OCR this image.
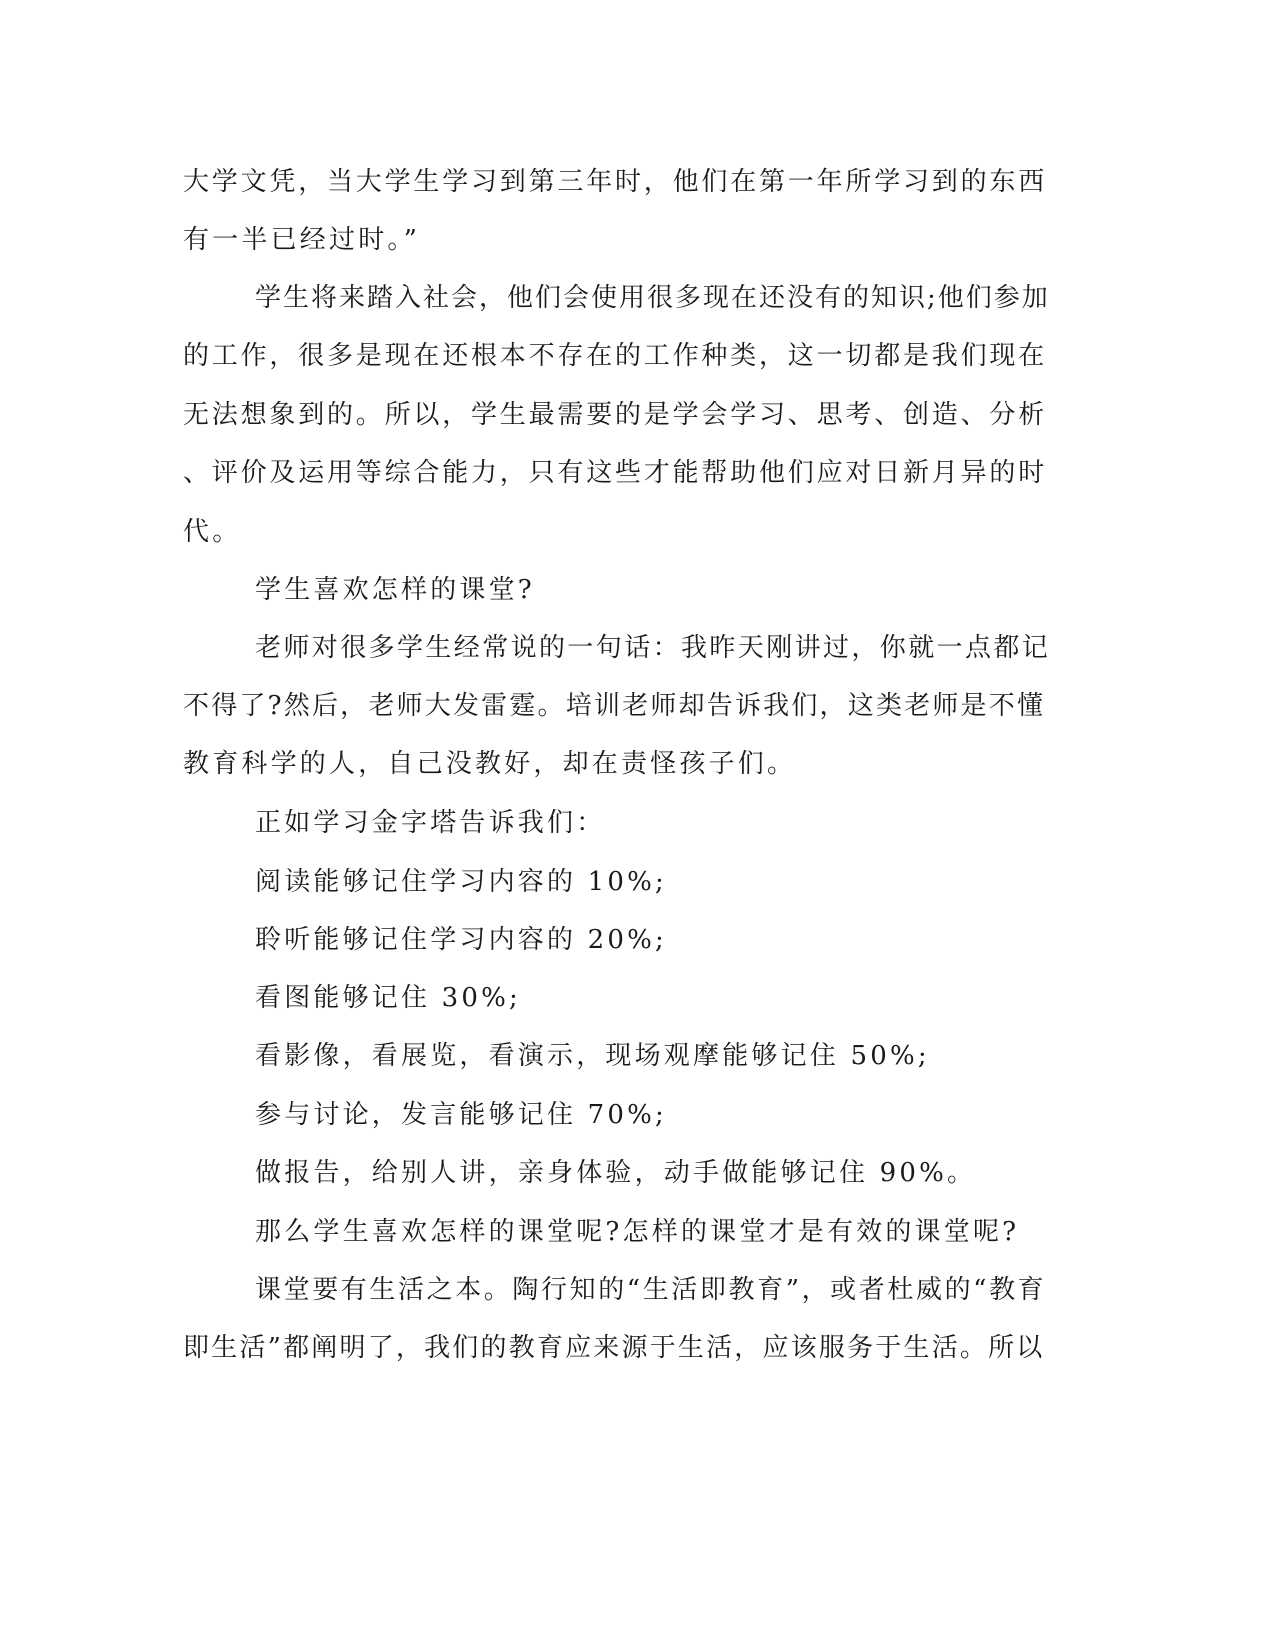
大学文凭，当大学生学习到第三年时，他们在第一年所学习到的东西
有一半已经过时。”
学生将来踏入社会，他们会使用很多现在还没有的知识;他们参加
的工作，很多是现在还根本不存在的工作种类，这一切都是我们现在
无法想象到的。所以，学生最需要的是学会学习、思考、创造、分析
、评价及运用等综合能力，只有这些才能帮助他们应对日新月异的时
代。
学生喜欢怎样的课堂?
老师对很多学生经常说的一句话：我昨天刚讲过，你就一点都记
不得了?然后，老师大发雷霆。培训老师却告诉我们，这类老师是不懂
教育科学的人，自己没教好，却在责怪孩子们。
正如学习金字塔告诉我们：
阅读能够记住学习内容的 10%;
聆听能够记住学习内容的 20%;
看图能够记住 30%;
看影像，看展览，看演示，现场观摩能够记住 50%;
参与讨论，发言能够记住 70%;
做报告，给别人讲，亲身体验，动手做能够记住 90%。
那么学生喜欢怎样的课堂呢?怎样的课堂才是有效的课堂呢?
课堂要有生活之本。陶行知的“生活即教育”，或者杜威的“教育
即生活”都阐明了，我们的教育应来源于生活，应该服务于生活。所以
